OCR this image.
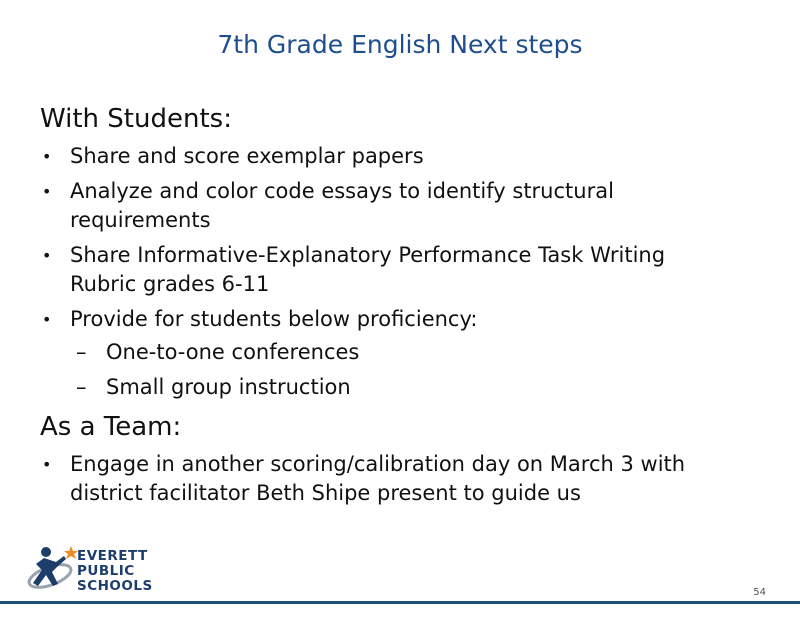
7th Grade English Next steps
With Students:
• Share and score exemplar papers
• Analyze and color code essays to identify structural requirements
• Share Informative-Explanatory Performance Task Writing Rubric grades 6-11
• Provide for students below proficiency:
– One-to-one conferences
– Small group instruction
As a Team:
• Engage in another scoring/calibration day on March 3 with district facilitator Beth Shipe present to guide us
EVERETT
PUBLIC
SCHOOLS	54
